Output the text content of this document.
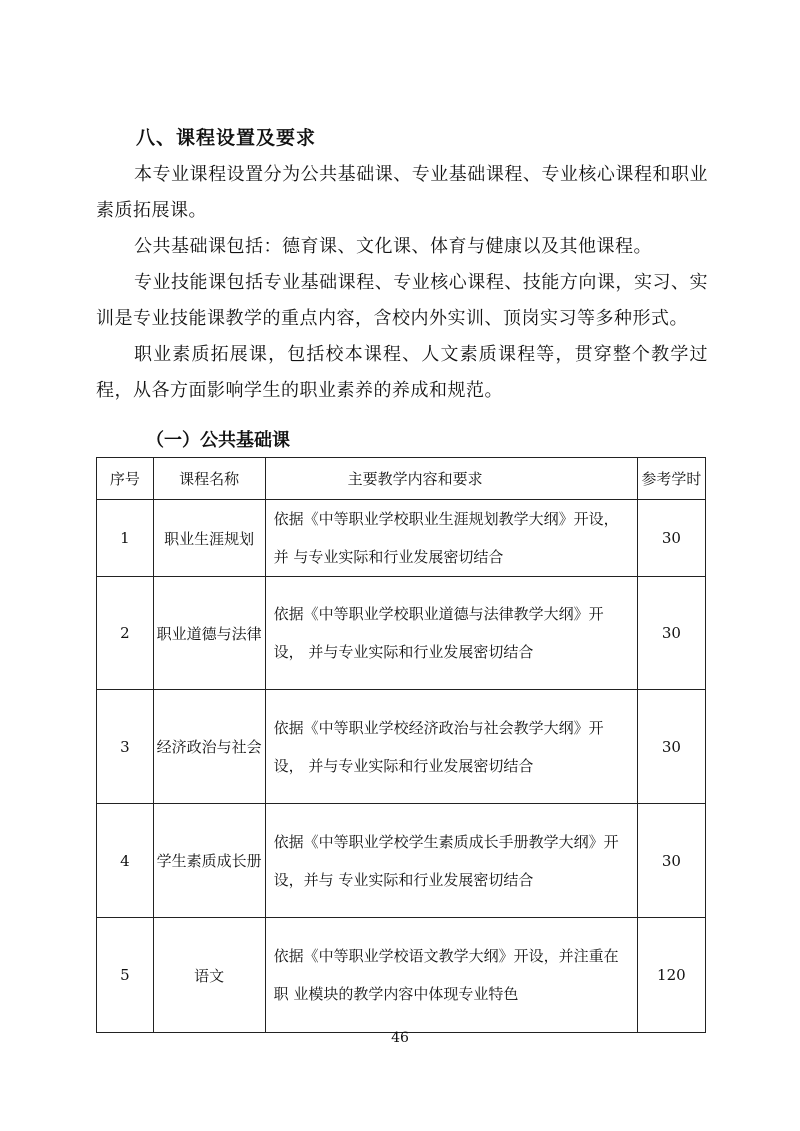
八、课程设置及要求

本专业课程设置分为公共基础课、专业基础课程、专业核心课程和职业素质拓展课。

公共基础课包括：德育课、文化课、体育与健康以及其他课程。

专业技能课包括专业基础课程、专业核心课程、技能方向课，实习、实训是专业技能课教学的重点内容，含校内外实训、顶岗实习等多种形式。

职业素质拓展课，包括校本课程、人文素质课程等，贯穿整个教学过程，从各方面影响学生的职业素养的养成和规范。

（一）公共基础课
序号	课程名称	主要教学内容和要求	参考学时
1	职业生涯规划	依据《中等职业学校职业生涯规划教学大纲》开设，并 与专业实际和行业发展密切结合	30
2	职业道德与法律	依据《中等职业学校职业道德与法律教学大纲》开设， 并与专业实际和行业发展密切结合	30
3	经济政治与社会	依据《中等职业学校经济政治与社会教学大纲》开设， 并与专业实际和行业发展密切结合	30
4	学生素质成长册	依据《中等职业学校学生素质成长手册教学大纲》开设，并与 专业实际和行业发展密切结合	30
5	语文	依据《中等职业学校语文教学大纲》开设，并注重在职 业模块的教学内容中体现专业特色	120
46
